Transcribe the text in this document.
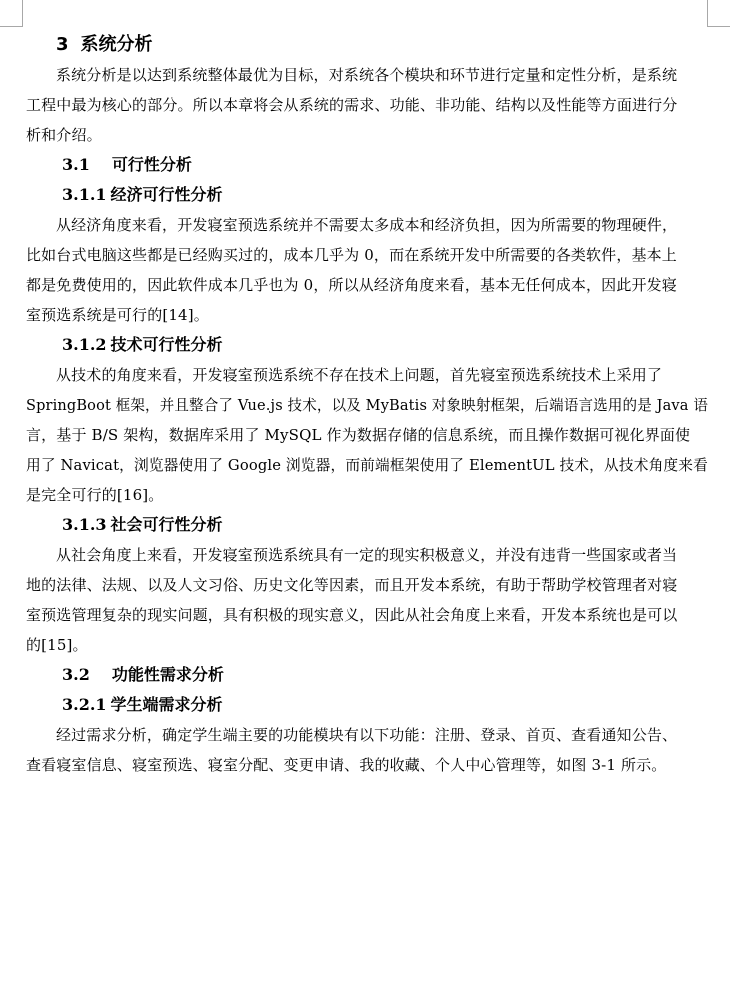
3 系统分析
系统分析是以达到系统整体最优为目标，对系统各个模块和环节进行定量和定性分析，是系统
工程中最为核心的部分。所以本章将会从系统的需求、功能、非功能、结构以及性能等方面进行分
析和介绍。
3.1 可行性分析
3.1.1 经济可行性分析
从经济角度来看，开发寝室预选系统并不需要太多成本和经济负担，因为所需要的物理硬件，
比如台式电脑这些都是已经购买过的，成本几乎为 0，而在系统开发中所需要的各类软件，基本上
都是免费使用的，因此软件成本几乎也为 0，所以从经济角度来看，基本无任何成本，因此开发寝
室预选系统是可行的[14]。
3.1.2 技术可行性分析
从技术的角度来看，开发寝室预选系统不存在技术上问题，首先寝室预选系统技术上采用了
SpringBoot 框架，并且整合了 Vue.js 技术，以及 MyBatis 对象映射框架，后端语言选用的是 Java 语
言，基于 B/S 架构，数据库采用了 MySQL 作为数据存储的信息系统，而且操作数据可视化界面使
用了 Navicat，浏览器使用了 Google 浏览器，而前端框架使用了 ElementUL 技术，从技术角度来看
是完全可行的[16]。
3.1.3 社会可行性分析
从社会角度上来看，开发寝室预选系统具有一定的现实积极意义，并没有违背一些国家或者当
地的法律、法规、以及人文习俗、历史文化等因素，而且开发本系统，有助于帮助学校管理者对寝
室预选管理复杂的现实问题，具有积极的现实意义，因此从社会角度上来看，开发本系统也是可以
的[15]。
3.2 功能性需求分析
3.2.1 学生端需求分析
经过需求分析，确定学生端主要的功能模块有以下功能：注册、登录、首页、查看通知公告、
查看寝室信息、寝室预选、寝室分配、变更申请、我的收藏、个人中心管理等，如图 3-1 所示。
